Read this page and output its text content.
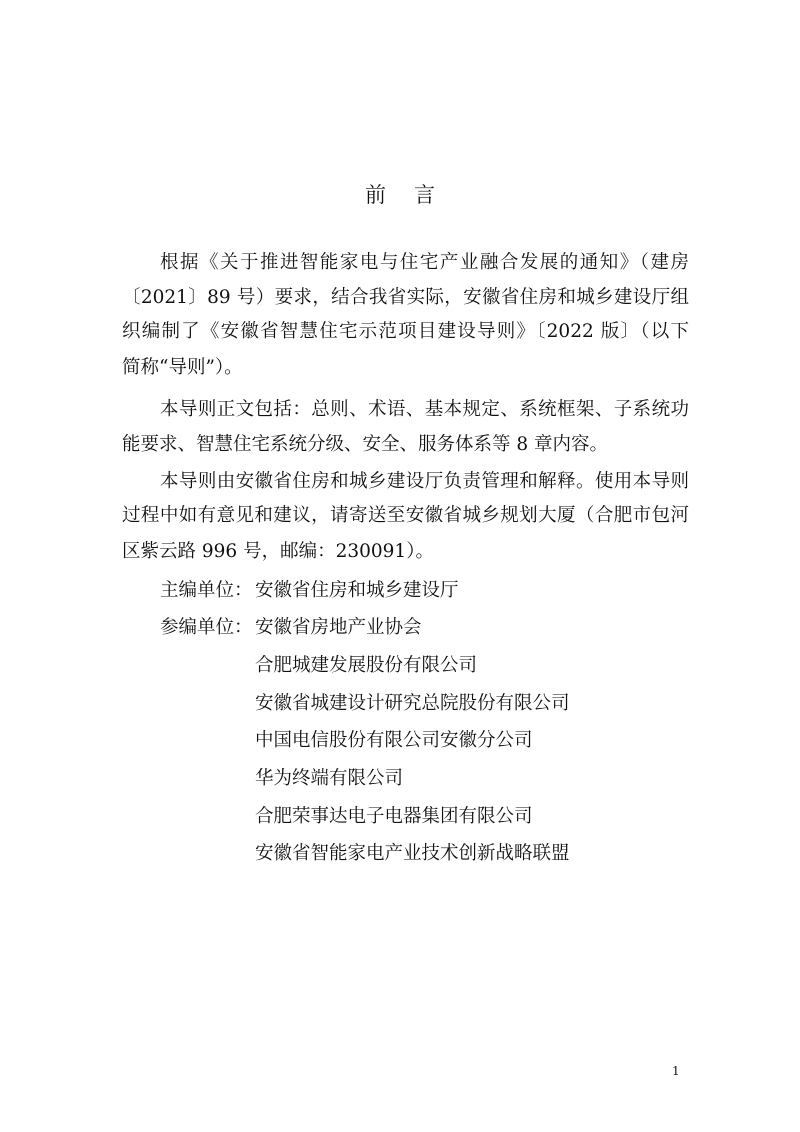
前 言
根据《关于推进智能家电与住宅产业融合发展的通知》（建房
〔2021〕89 号）要求，结合我省实际，安徽省住房和城乡建设厅组
织编制了《安徽省智慧住宅示范项目建设导则》〔2022 版〕（以下
简称“导则”）。
本导则正文包括：总则、术语、基本规定、系统框架、子系统功
能要求、智慧住宅系统分级、安全、服务体系等 8 章内容。
本导则由安徽省住房和城乡建设厅负责管理和解释。使用本导则
过程中如有意见和建议，请寄送至安徽省城乡规划大厦（合肥市包河
区紫云路 996 号，邮编：230091）。
主编单位： 安徽省住房和城乡建设厅
参编单位： 安徽省房地产业协会
合肥城建发展股份有限公司
安徽省城建设计研究总院股份有限公司
中国电信股份有限公司安徽分公司
华为终端有限公司
合肥荣事达电子电器集团有限公司
安徽省智能家电产业技术创新战略联盟
1
